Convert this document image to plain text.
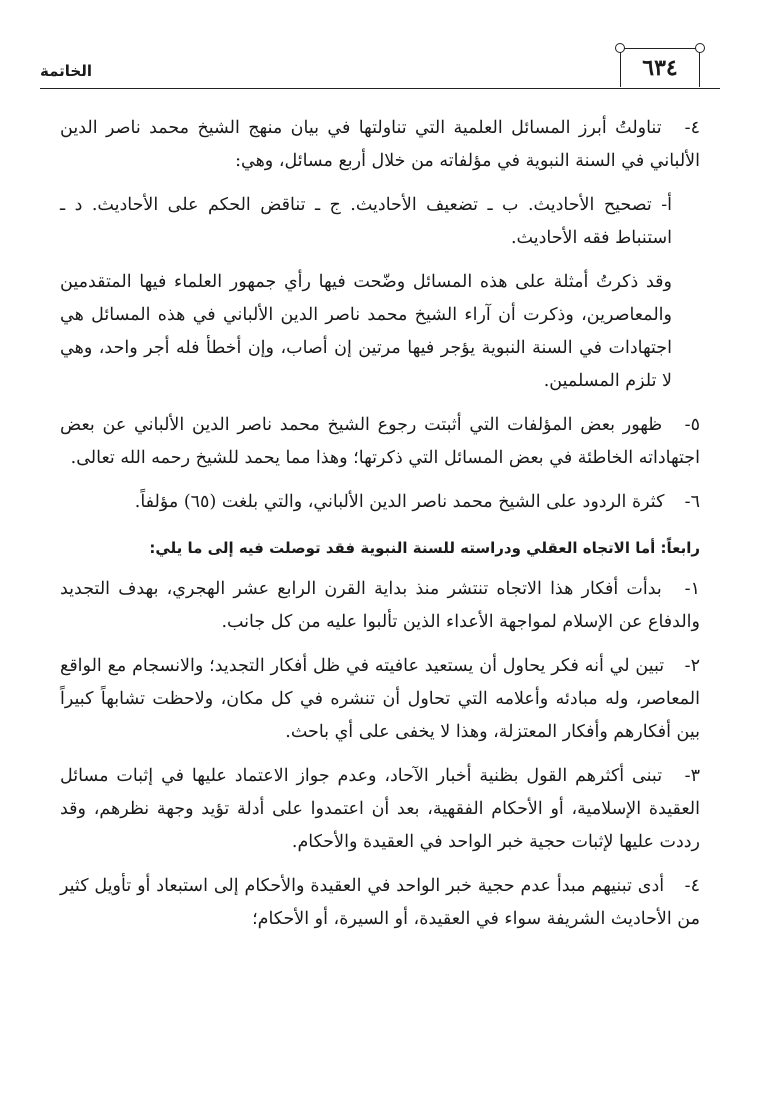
٦٣٤
الخاتمة

٤- تناولتُ أبرز المسائل العلمية التي تناولتها في بيان منهج الشيخ محمد ناصر الدين الألباني في السنة النبوية في مؤلفاته من خلال أربع مسائل، وهي:

أ- تصحيح الأحاديث. ب ـ تضعيف الأحاديث. ج ـ تناقض الحكم على الأحاديث. د ـ استنباط فقه الأحاديث.

وقد ذكرتُ أمثلة على هذه المسائل وضّحت فيها رأي جمهور العلماء فيها المتقدمين والمعاصرين، وذكرت أن آراء الشيخ محمد ناصر الدين الألباني في هذه المسائل هي اجتهادات في السنة النبوية يؤجر فيها مرتين إن أصاب، وإن أخطأ فله أجر واحد، وهي لا تلزم المسلمين.

٥- ظهور بعض المؤلفات التي أثبتت رجوع الشيخ محمد ناصر الدين الألباني عن بعض اجتهاداته الخاطئة في بعض المسائل التي ذكرتها؛ وهذا مما يحمد للشيخ رحمه الله تعالى.

٦- كثرة الردود على الشيخ محمد ناصر الدين الألباني، والتي بلغت (٦٥) مؤلفاً.

رابعاً: أما الاتجاه العقلي ودراسته للسنة النبوية فقد توصلت فيه إلى ما يلي:

١- بدأت أفكار هذا الاتجاه تنتشر منذ بداية القرن الرابع عشر الهجري، بهدف التجديد والدفاع عن الإسلام لمواجهة الأعداء الذين تألبوا عليه من كل جانب.

٢- تبين لي أنه فكر يحاول أن يستعيد عافيته في ظل أفكار التجديد؛ والانسجام مع الواقع المعاصر، وله مبادئه وأعلامه التي تحاول أن تنشره في كل مكان، ولاحظت تشابهاً كبيراً بين أفكارهم وأفكار المعتزلة، وهذا لا يخفى على أي باحث.

٣- تبنى أكثرهم القول بظنية أخبار الآحاد، وعدم جواز الاعتماد عليها في إثبات مسائل العقيدة الإسلامية، أو الأحكام الفقهية، بعد أن اعتمدوا على أدلة تؤيد وجهة نظرهم، وقد رددت عليها لإثبات حجية خبر الواحد في العقيدة والأحكام.

٤- أدى تبنيهم مبدأ عدم حجية خبر الواحد في العقيدة والأحكام إلى استبعاد أو تأويل كثير من الأحاديث الشريفة سواء في العقيدة، أو السيرة، أو الأحكام؛
